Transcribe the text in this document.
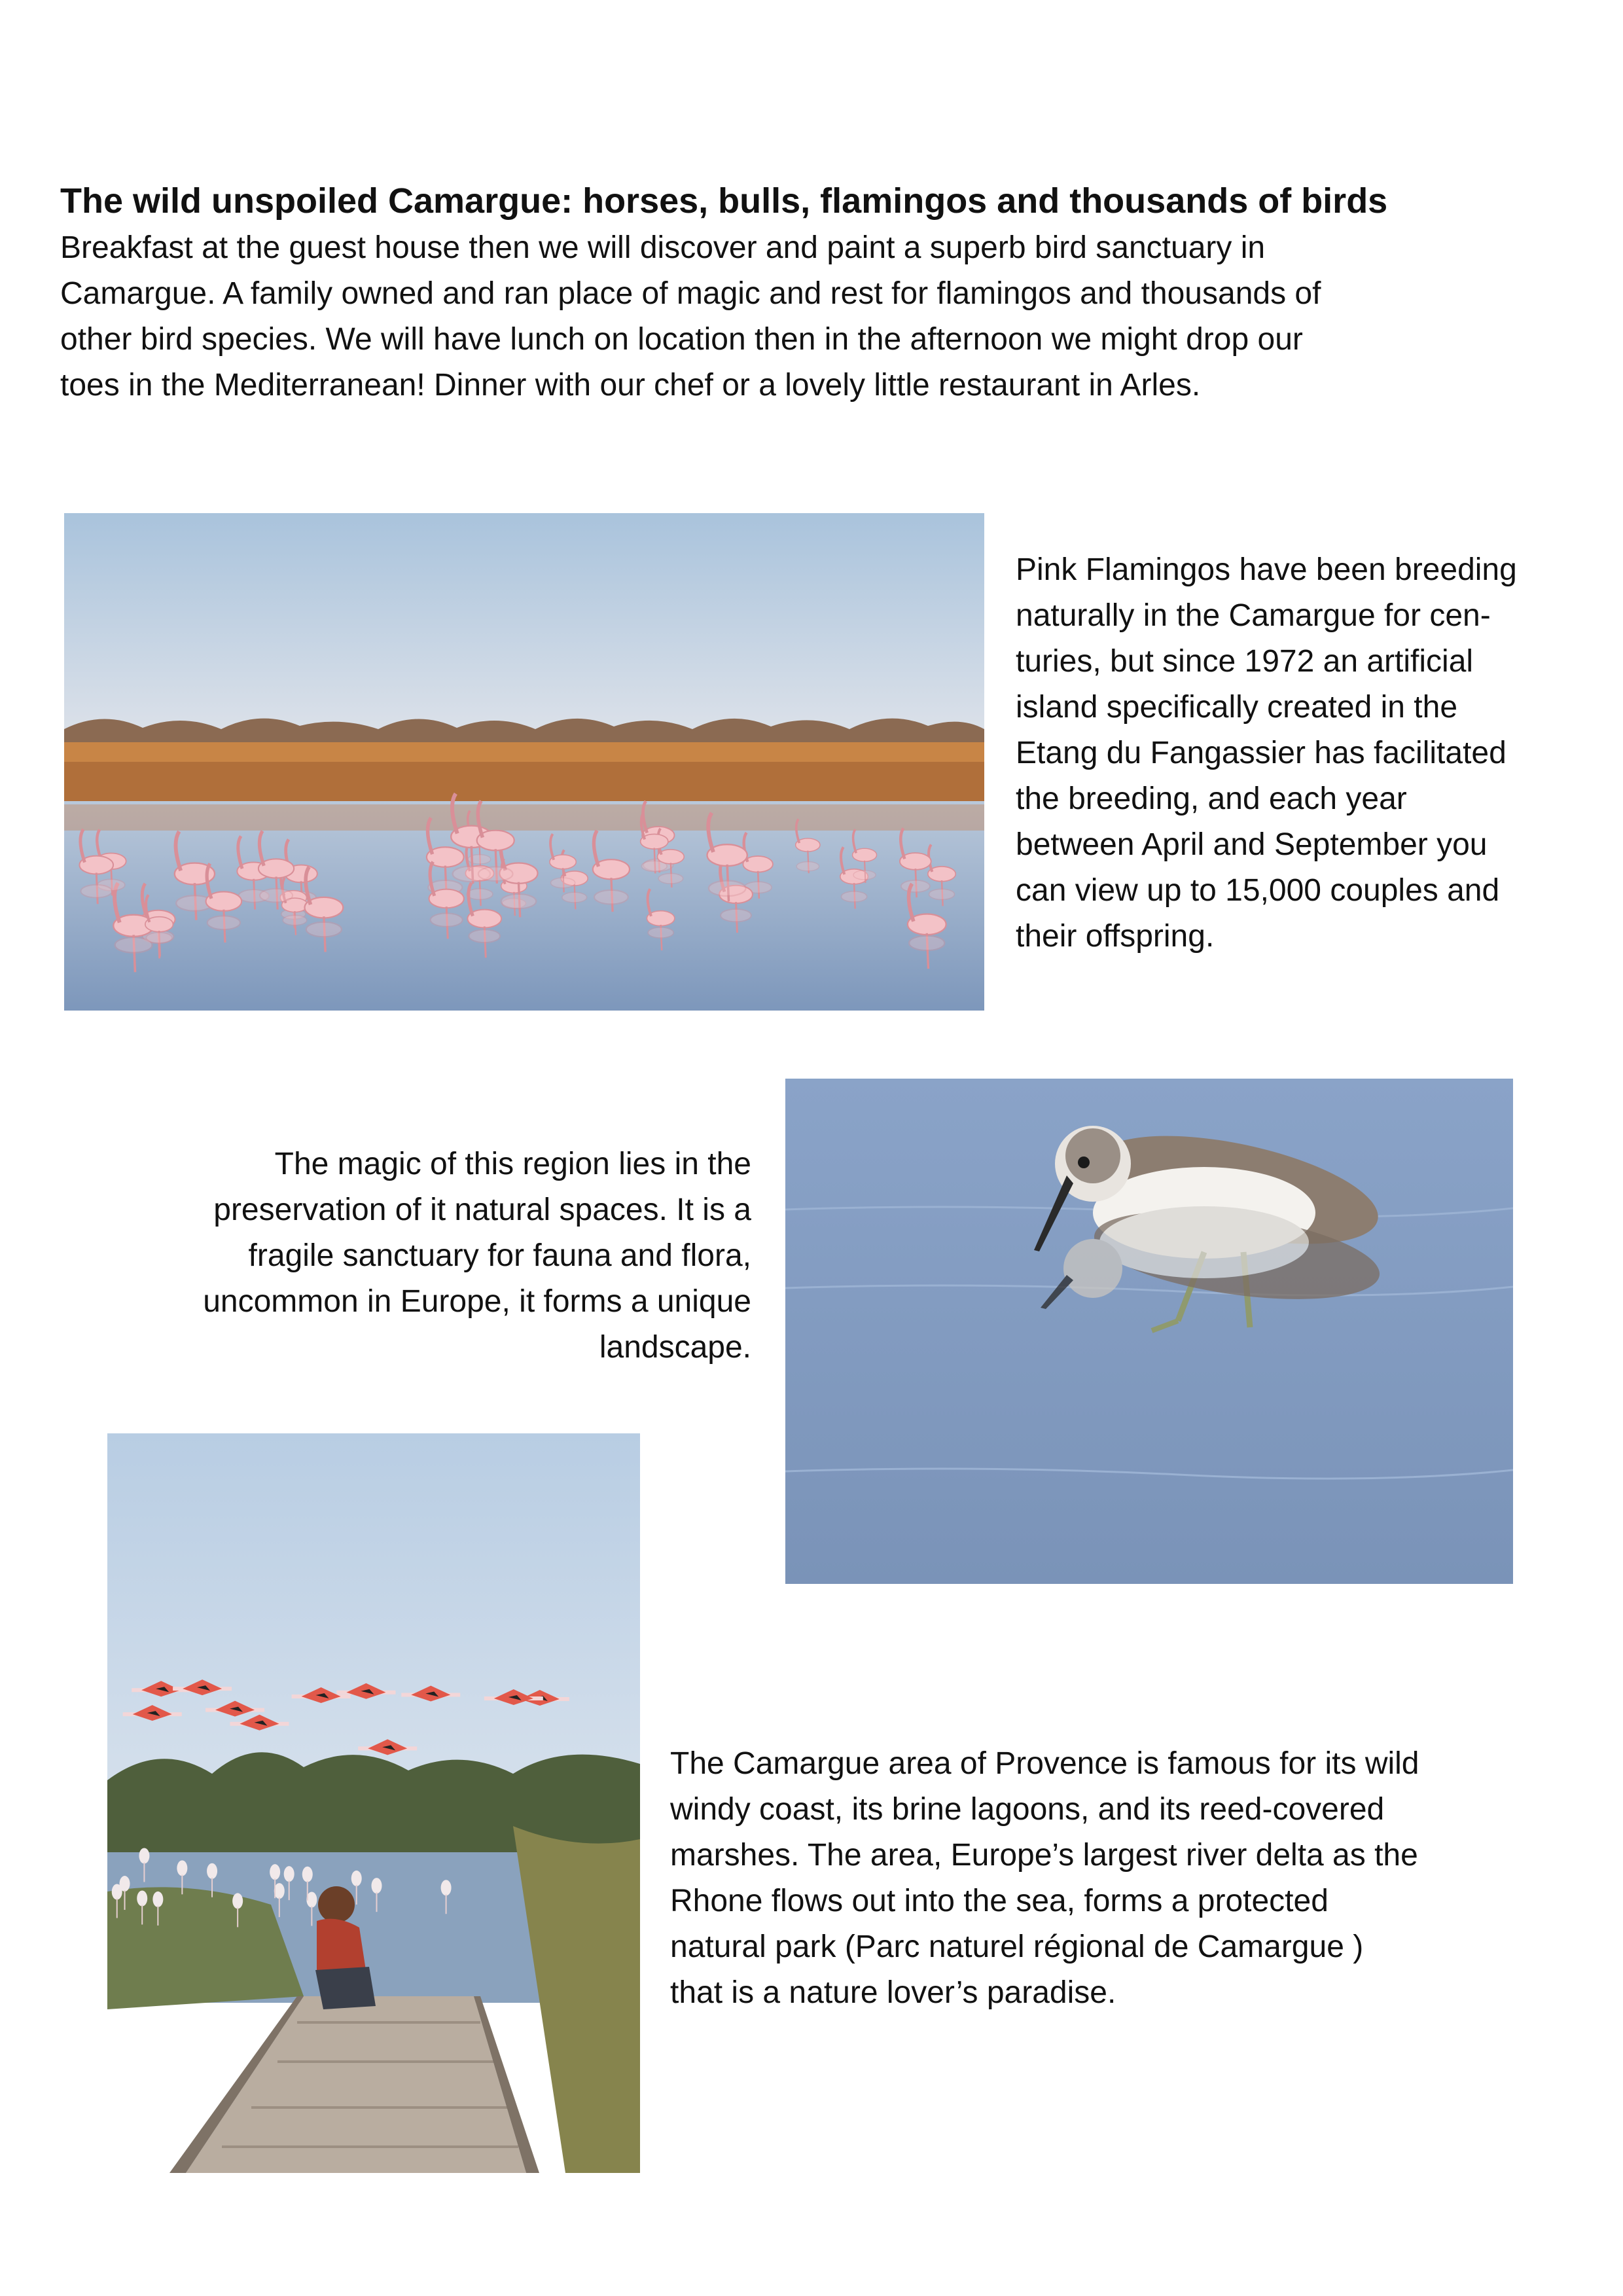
The wild unspoiled Camargue: horses, bulls, flamingos and thousands of birds
Breakfast at the guest house then we will discover and paint a superb bird sanctuary in
Camargue. A family owned and ran place of magic and rest for flamingos and thousands of
other bird species. We will have lunch on location then in the afternoon we might drop our
toes in the Mediterranean! Dinner with our chef or a lovely little restaurant in Arles.
Pink Flamingos have been breeding
naturally in the Camargue for cen-
turies, but since 1972 an artificial
island specifically created in the
Etang du Fangassier has facilitated
the breeding, and each year
between April and September you
can view up to 15,000 couples and
their offspring.
The magic of this region lies in the
preservation of it natural spaces. It is a
fragile sanctuary for fauna and flora,
uncommon in Europe, it forms a unique
landscape.
The Camargue area of Provence is famous for its wild
windy coast, its brine lagoons, and its reed-covered
marshes. The area, Europe’s largest river delta as the
Rhone flows out into the sea, forms a protected
natural park (Parc naturel régional de Camargue )
that is a nature lover’s paradise.
